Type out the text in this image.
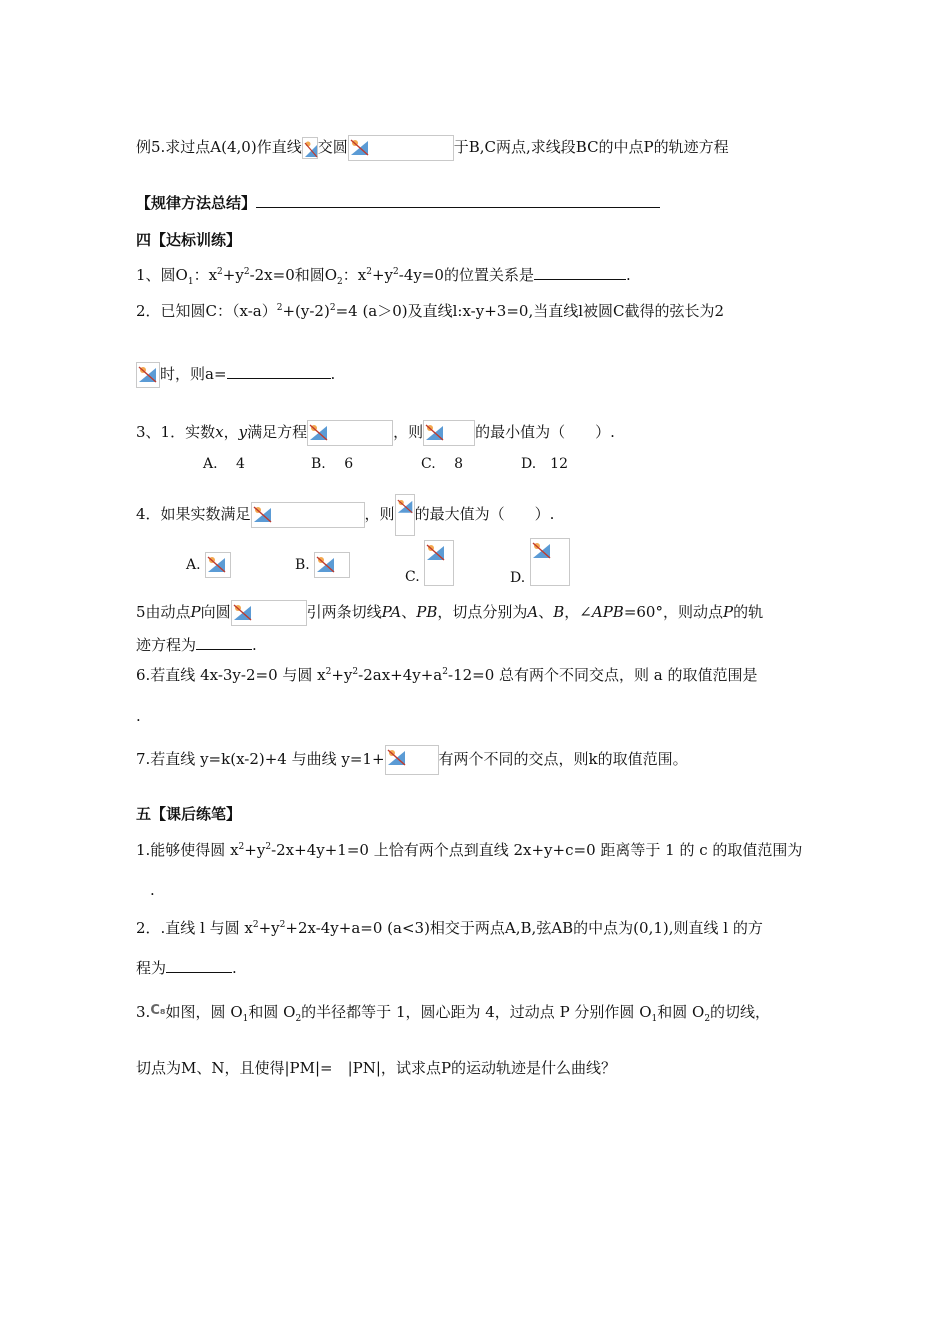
例5.求过点A(4,0)作直线 交圆	于B,C两点,求线段BC的中点P的轨迹方程
【规律方法总结】
四【达标训练】
1、圆$O_1$：$x^2+y^2-2x=0$和圆$O_2$：$x^2+y^2-4y=0$的位置关系是	.
2．已知圆C：$(x-a)^2+(y-2)^2=4$ (a＞0)及直线l:x-y+3=0,当直线l被圆C截得的弦长为2
时，则a=	.
3、1．实数x，y满足方程	，则	的最小值为（　　）.
A.　 4	B.　 6	C.　 8	D.　12
4．如果实数满足	，则 的最大值为（　　）.
A.	B.
C.	D.
5由动点P向圆	引两条切线PA、PB，切点分别为A、B，∠APB=60°，则动点P的轨
迹方程为	.
6.若直线 4x-3y-2=0 与圆 $x^2+y^2-2ax+4y+a^2-12=0$ 总有两个不同交点，则 a 的取值范围是
.
7.若直线 y=k(x-2)+4 与曲线 y=1+	有两个不同的交点，则k的取值范围。
五【课后练笔】
1.能够使得圆 $x^2+y^2-2x+4y+1=0$ 上恰有两个点到直线 2x+y+c=0 距离等于 1 的 c 的取值范围为
.
2．.直线 l 与圆 $x^2+y^2+2x-4y+a=0$ (a<3)相交于两点A,B,弦AB的中点为(0,1),则直线 l 的方
程为	.
3.C₈如图，圆 $O_1$和圆 $O_2$的半径都等于 1，圆心距为 4，过动点 P 分别作圆 $O_1$和圆 $O_2$的切线，
切点为M、N，且使得|PM|=　|PN|，试求点P的运动轨迹是什么曲线？
